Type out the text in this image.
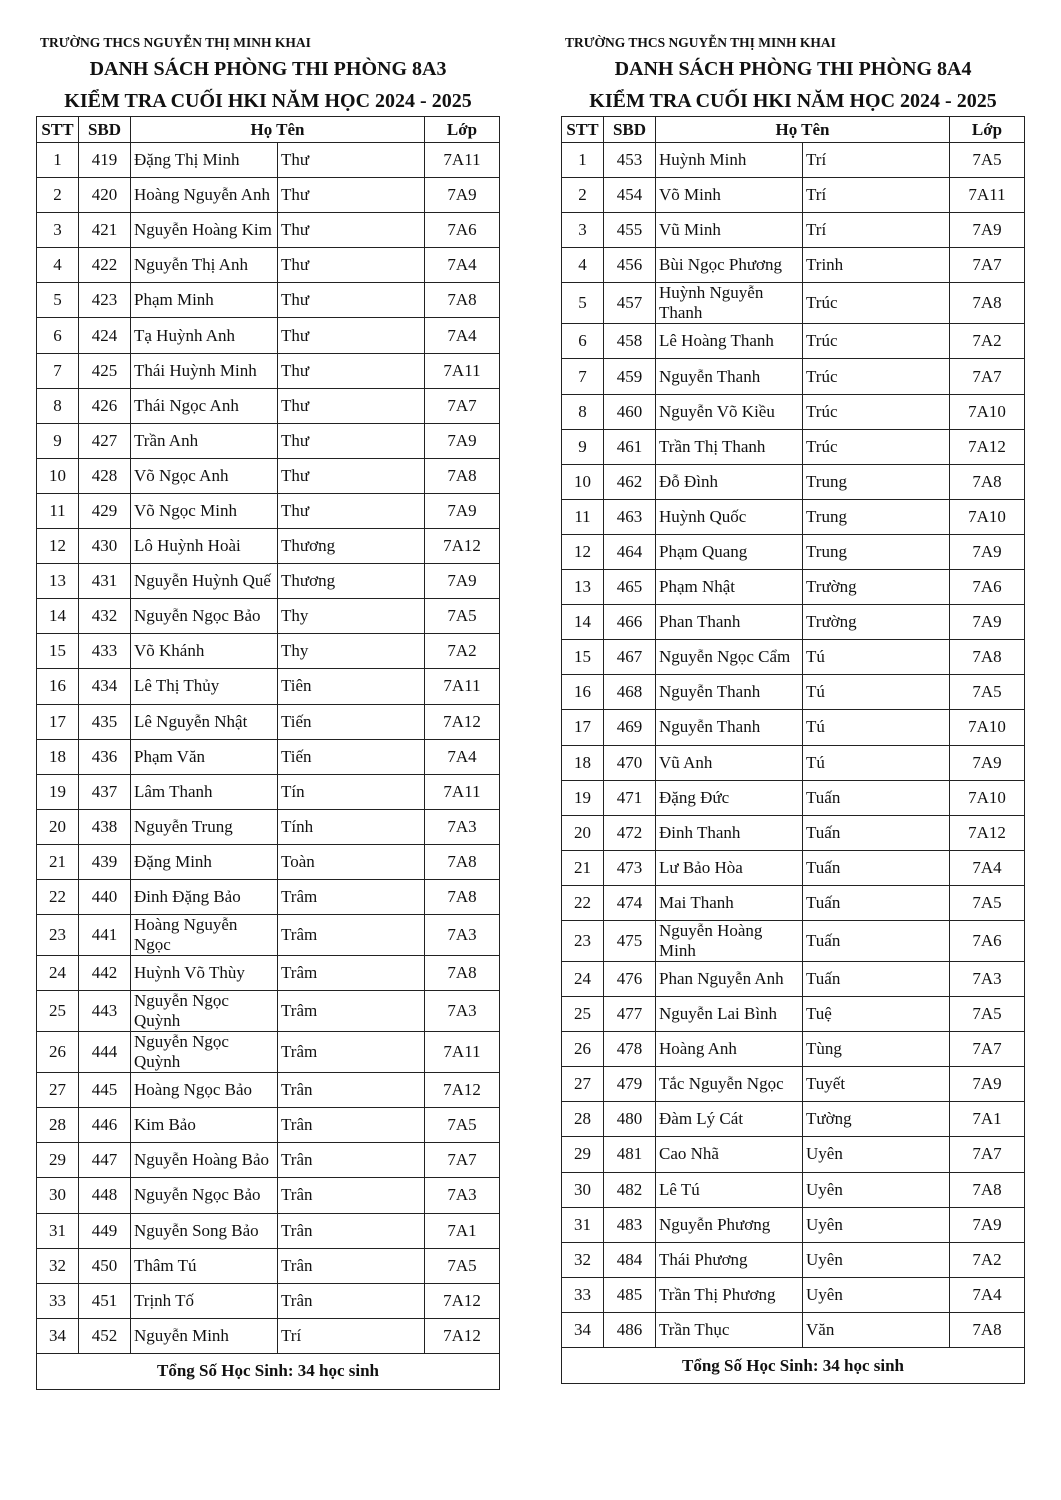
TRƯỜNG THCS NGUYỄN THỊ MINH KHAI
DANH SÁCH PHÒNG THI PHÒNG 8A3
KIỂM TRA CUỐI HKI NĂM HỌC 2024 - 2025
STT	SBD	Họ Tên		Lớp
1	419	Đặng Thị Minh	Thư	7A11
2	420	Hoàng Nguyễn Anh	Thư	7A9
3	421	Nguyễn Hoàng Kim	Thư	7A6
4	422	Nguyễn Thị Anh	Thư	7A4
5	423	Phạm Minh	Thư	7A8
6	424	Tạ Huỳnh Anh	Thư	7A4
7	425	Thái Huỳnh Minh	Thư	7A11
8	426	Thái Ngọc Anh	Thư	7A7
9	427	Trần Anh	Thư	7A9
10	428	Võ Ngọc Anh	Thư	7A8
11	429	Võ Ngọc Minh	Thư	7A9
12	430	Lô Huỳnh Hoài	Thương	7A12
13	431	Nguyễn Huỳnh Quế	Thương	7A9
14	432	Nguyễn Ngọc Bảo	Thy	7A5
15	433	Võ Khánh	Thy	7A2
16	434	Lê Thị Thủy	Tiên	7A11
17	435	Lê Nguyễn Nhật	Tiến	7A12
18	436	Phạm Văn	Tiến	7A4
19	437	Lâm Thanh	Tín	7A11
20	438	Nguyễn Trung	Tính	7A3
21	439	Đặng Minh	Toàn	7A8
22	440	Đinh Đặng Bảo	Trâm	7A8
23	441	Hoàng Nguyễn Ngọc	Trâm	7A3
24	442	Huỳnh Võ Thùy	Trâm	7A8
25	443	Nguyễn Ngọc Quỳnh	Trâm	7A3
26	444	Nguyễn Ngọc Quỳnh	Trâm	7A11
27	445	Hoàng Ngọc Bảo	Trân	7A12
28	446	Kim Bảo	Trân	7A5
29	447	Nguyễn Hoàng Bảo	Trân	7A7
30	448	Nguyễn Ngọc Bảo	Trân	7A3
31	449	Nguyễn Song Bảo	Trân	7A1
32	450	Thâm Tú	Trân	7A5
33	451	Trịnh Tố	Trân	7A12
34	452	Nguyễn Minh	Trí	7A12
Tổng Số Học Sinh: 34 học sinh				
TRƯỜNG THCS NGUYỄN THỊ MINH KHAI
DANH SÁCH PHÒNG THI PHÒNG 8A4
KIỂM TRA CUỐI HKI NĂM HỌC 2024 - 2025
STT	SBD	Họ Tên		Lớp
1	453	Huỳnh Minh	Trí	7A5
2	454	Võ Minh	Trí	7A11
3	455	Vũ Minh	Trí	7A9
4	456	Bùi Ngọc Phương	Trinh	7A7
5	457	Huỳnh Nguyễn Thanh	Trúc	7A8
6	458	Lê Hoàng Thanh	Trúc	7A2
7	459	Nguyễn Thanh	Trúc	7A7
8	460	Nguyễn Võ Kiều	Trúc	7A10
9	461	Trần Thị Thanh	Trúc	7A12
10	462	Đỗ Đình	Trung	7A8
11	463	Huỳnh Quốc	Trung	7A10
12	464	Phạm Quang	Trung	7A9
13	465	Phạm Nhật	Trường	7A6
14	466	Phan Thanh	Trường	7A9
15	467	Nguyễn Ngọc Cẩm	Tú	7A8
16	468	Nguyễn Thanh	Tú	7A5
17	469	Nguyễn Thanh	Tú	7A10
18	470	Vũ Anh	Tú	7A9
19	471	Đặng Đức	Tuấn	7A10
20	472	Đinh Thanh	Tuấn	7A12
21	473	Lư Bảo Hòa	Tuấn	7A4
22	474	Mai Thanh	Tuấn	7A5
23	475	Nguyễn Hoàng Minh	Tuấn	7A6
24	476	Phan Nguyễn Anh	Tuấn	7A3
25	477	Nguyễn Lai Bình	Tuệ	7A5
26	478	Hoàng Anh	Tùng	7A7
27	479	Tắc Nguyễn Ngọc	Tuyết	7A9
28	480	Đàm Lý Cát	Tường	7A1
29	481	Cao Nhã	Uyên	7A7
30	482	Lê Tú	Uyên	7A8
31	483	Nguyễn Phương	Uyên	7A9
32	484	Thái Phương	Uyên	7A2
33	485	Trần Thị Phương	Uyên	7A4
34	486	Trần Thục	Văn	7A8
Tổng Số Học Sinh: 34 học sinh				
